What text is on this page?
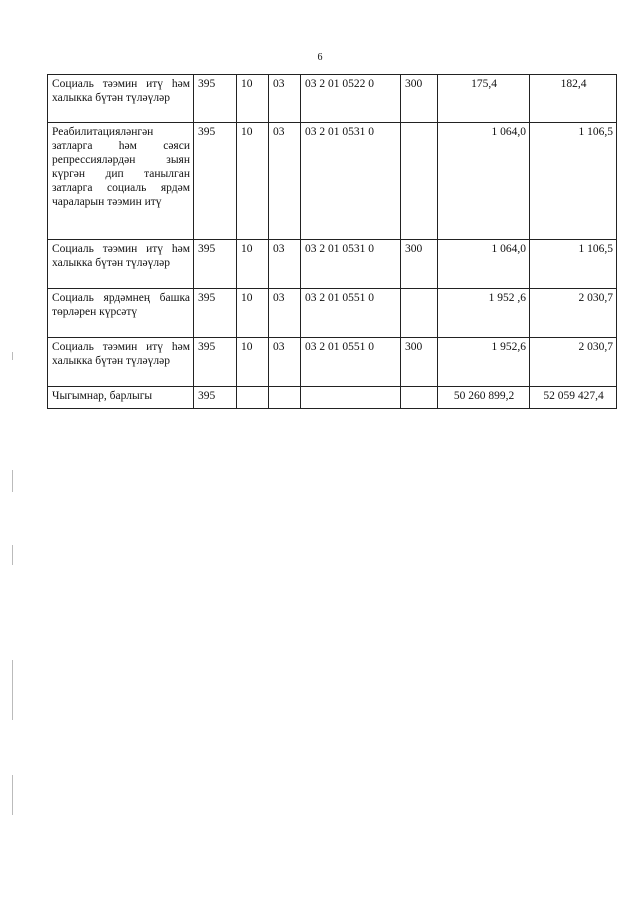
6
Социаль тәэмин итү һәм халыкка бүтән түләүләр	395	10	03	03 2 01 0522 0	300	175,4	182,4
Реабилитацияләнгән затларга һәм сәяси репрессияләрдән зыян күргән дип танылган затларга социаль ярдәм чараларын тәэмин итү	395	10	03	03 2 01 0531 0		1 064,0	1 106,5
Социаль тәэмин итү һәм халыкка бүтән түләүләр	395	10	03	03 2 01 0531 0	300	1 064,0	1 106,5
Социаль ярдәмнең башка төрләрен күрсәтү	395	10	03	03 2 01 0551 0		1 952 ,6	2 030,7
Социаль тәэмин итү һәм халыкка бүтән түләүләр	395	10	03	03 2 01 0551 0	300	1 952,6	2 030,7
Чыгымнар, барлыгы	395					50 260 899,2	52 059 427,4
